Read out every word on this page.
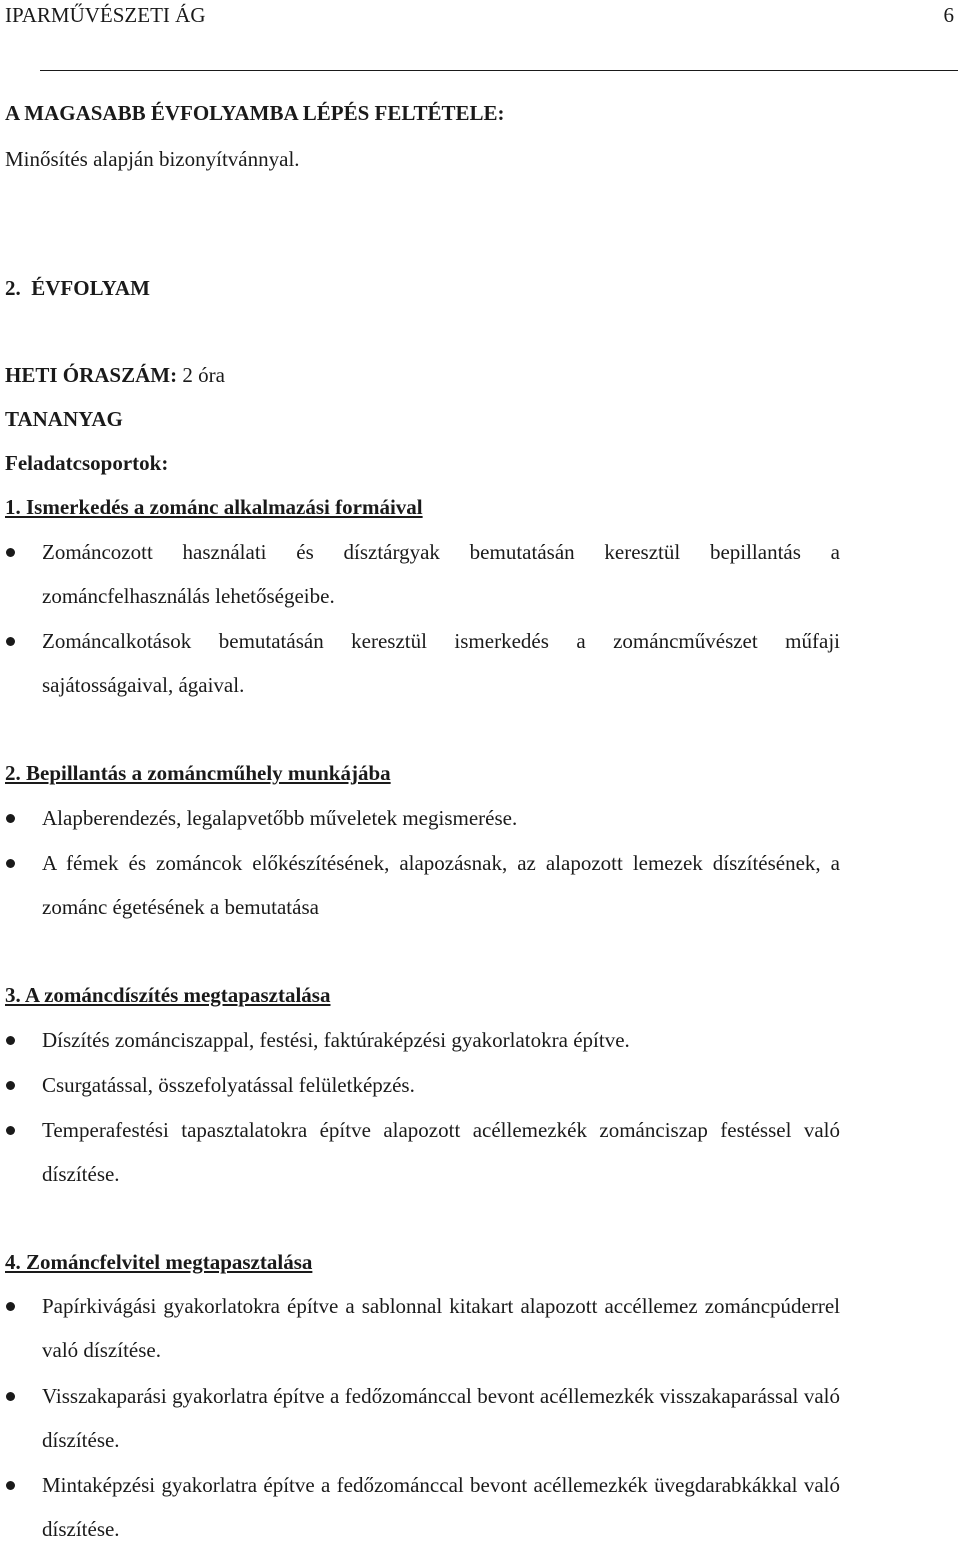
IPARMŰVÉSZETI ÁG	6
A MAGASABB ÉVFOLYAMBA LÉPÉS FELTÉTELE:
Minősítés alapján bizonyítvánnyal.
2. ÉVFOLYAM
HETI ÓRASZÁM: 2 óra
TANANYAG
Feladatcsoportok:
1. Ismerkedés a zománc alkalmazási formáival
Zománcozott használati és dísztárgyak bemutatásán keresztül bepillantás a zománcfelhasználás lehetőségeibe.
Zománcalkotások bemutatásán keresztül ismerkedés a zománcművészet műfaji sajátosságaival, ágaival.
2. Bepillantás a zománcműhely munkájába
Alapberendezés, legalapvetőbb műveletek megismerése.
A fémek és zománcok előkészítésének, alapozásnak, az alapozott lemezek díszítésének, a zománc égetésének a bemutatása
3. A zománcdíszítés megtapasztalása
Díszítés zománciszappal, festési, faktúraképzési gyakorlatokra építve.
Csurgatással, összefolyatással felületképzés.
Temperafestési tapasztalatokra építve alapozott acéllemezkék zománciszap festéssel való díszítése.
4. Zománcfelvitel megtapasztalása
Papírkivágási gyakorlatokra építve a sablonnal kitakart alapozott accéllemez zománcpúderrel való díszítése.
Visszakaparási gyakorlatra építve a fedőzománccal bevont acéllemezkék visszakaparással való díszítése.
Mintaképzési gyakorlatra építve a fedőzománccal bevont acéllemezkék üvegdarabkákkal való díszítése.
